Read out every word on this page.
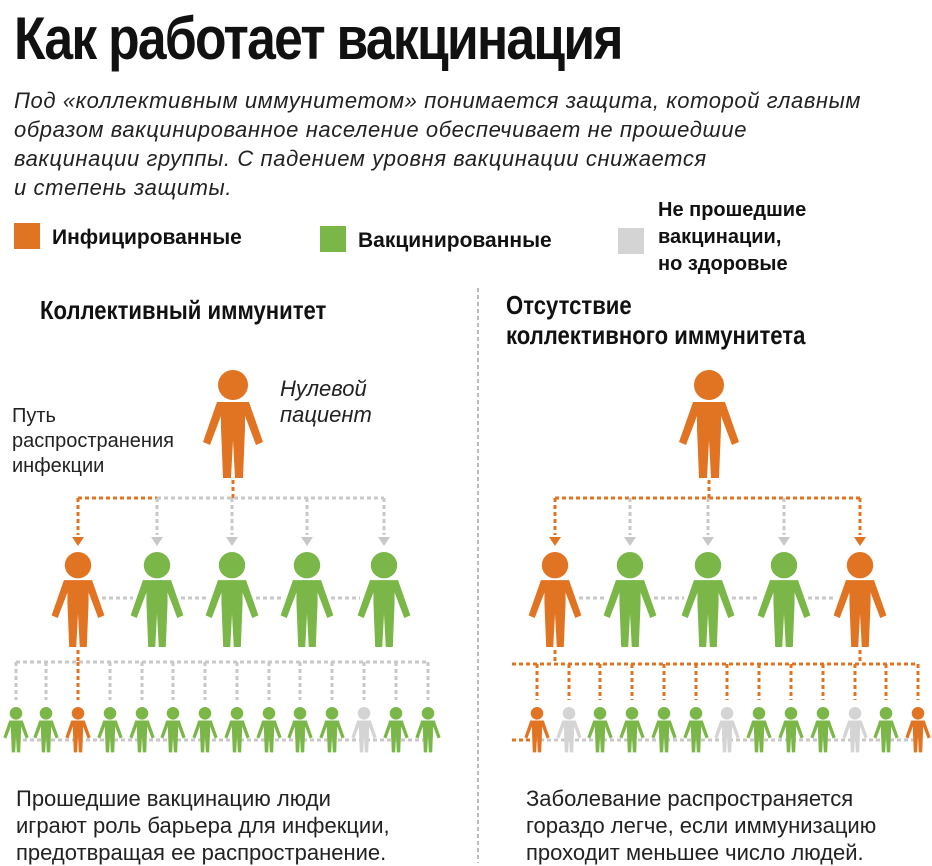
Как работает вакцинация
Под «коллективным иммунитетом» понимается защита, которой главным
образом вакцинированное население обеспечивает не прошедшие
вакцинации группы. С падением уровня вакцинации снижается
и степень защиты.
Инфицированные	Вакцинированные
Не прошедшие
вакцинации,
но здоровые
Коллективный иммунитет	Отсутствие
коллективного иммунитета
Нулевой
пациент
Путь
распространения
инфекции
Прошедшие вакцинацию люди
играют роль барьера для инфекции,
предотвращая ее распространение.
Заболевание распространяется
гораздо легче, если иммунизацию
проходит меньшее число людей.
